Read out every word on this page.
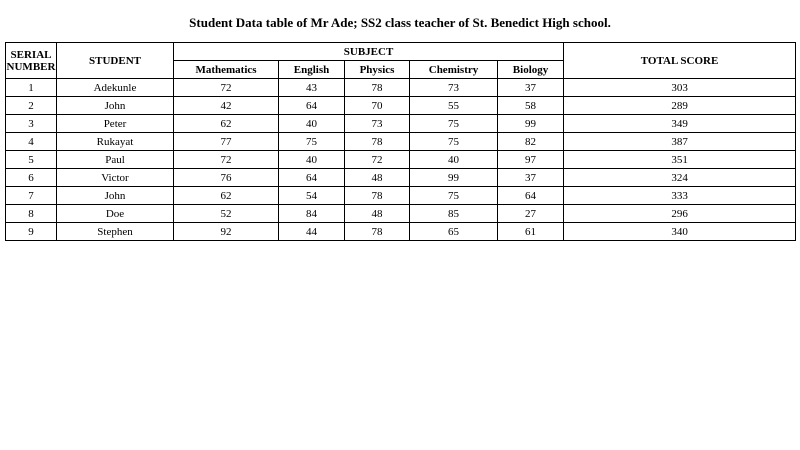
Student Data table of Mr Ade; SS2 class teacher of St. Benedict High school.
SERIAL
NUMBER	STUDENT	SUBJECT					TOTAL SCORE
		Mathematics	English	Physics	Chemistry	Biology	
1	Adekunle	72	43	78	73	37	303
2	John	42	64	70	55	58	289
3	Peter	62	40	73	75	99	349
4	Rukayat	77	75	78	75	82	387
5	Paul	72	40	72	40	97	351
6	Victor	76	64	48	99	37	324
7	John	62	54	78	75	64	333
8	Doe	52	84	48	85	27	296
9	Stephen	92	44	78	65	61	340
